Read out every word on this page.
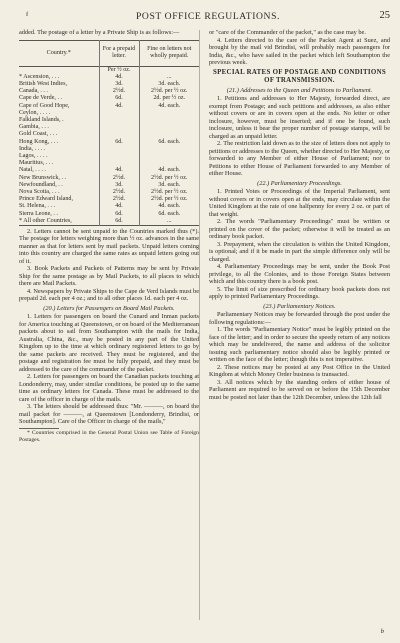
f	POST OFFICE REGULATIONS.	25

added. The postage of a letter by a Private Ship is as follows:—

Country.*	For a prepaid letter.	Fine on letters not wholly prepaid.
	Per ½ oz.	
* Ascension, . . .	4d.	...
British West Indies,	3d.	3d. each.
Canada, . . .	2½d.	2½d. per ½ oz.
Cape de Verde, . .	6d.	2d. per ½ oz.
Cape of Good Hope,	4d.	4d. each.
Ceylon, . . . .		
Falkland Islands, .		
Gambia, . . .		
Gold Coast, . . .		
Hong Kong, . . .	6d.	6d. each.
India, . . . .		
Lagos, . . . .		
Mauritius, . . .		
Natal, . . . .	4d.	4d. each.
New Brunswick, . .	2½d.	2½d. per ½ oz.
Newfoundland, . .	3d.	3d. each.
Nova Scotia, . . .	2½d.	2½d. per ½ oz.
Prince Edward Island,	2½d.	2½d. per ½ oz.
St. Helena, . . .	4d.	4d. each.
Sierra Leone, . .	6d.	6d. each.
* All other Countries,	6d.	...

2. Letters cannot be sent unpaid to the Countries marked thus (*). The postage for letters weighing more than ½ oz. advances in the same manner as that for letters sent by mail packets. Unpaid letters coming into this country are charged the same rates as unpaid letters going out of it.

3. Book Packets and Packets of Patterns may be sent by Private Ship for the same postage as by Mail Packets, to all places to which there are Mail Packets.

4. Newspapers by Private Ships to the Cape de Verd Islands must be prepaid 2d. each per 4 oz.; and to all other places 1d. each per 4 oz.

(20.) Letters for Passengers on Board Mail Packets.

1. Letters for passengers on board the Cunard and Inman packets for America touching at Queenstown, or on board of the Mediterranean packets about to sail from Southampton with the mails for India, Australia, China, &c., may be posted in any part of the United Kingdom up to the time at which ordinary registered letters to go by the same packets are received. They must be registered, and the postage and registration fee must be fully prepaid, and they must be addressed to the care of the commander of the packet.

2. Letters for passengers on board the Canadian packets touching at Londonderry, may, under similar conditions, be posted up to the same time as ordinary letters for Canada. These must be addressed to the care of the officer in charge of the mails.

3. The letters should be addressed thus: "Mr. ———, on board the mail packet for ———, at Queenstown [Londonderry, Brindisi, or Southampton]. Care of the Officer in charge of the mails,"

* Countries comprised in the General Postal Union see Table of Foreign Postages.

or "care of the Commander of the packet," as the case may be.

4. Letters directed to the care of the Packet Agent at Suez, and brought by the mail vid Brindisi, will probably reach passengers for India, &c., who have sailed in the packet which left Southampton the previous week.

SPECIAL RATES OF POSTAGE AND CONDITIONS OF TRANSMISSION.

(21.) Addresses to the Queen and Petitions to Parliament.

1. Petitions and addresses to Her Majesty, forwarded direct, are exempt from Postage; and such petitions and addresses, as also either without covers or are in covers open at the ends. No letter or other inclosure, however, must be inserted; and if one be found, such inclosure, unless it bear the proper number of postage stamps, will be charged as an unpaid letter.

2. The restriction laid down as to the size of letters does not apply to petitions or addresses to the Queen, whether directed to Her Majesty, or forwarded to any Member of either House of Parliament; nor to Petitions to either House of Parliament forwarded to any Member of either House.

(22.) Parliamentary Proceedings.

1. Printed Votes or Proceedings of the Imperial Parliament, sent without covers or in covers open at the ends, may circulate within the United Kingdom at the rate of one halfpenny for every 2 oz. or part of that weight.

2. The words "Parliamentary Proceedings" must be written or printed on the cover of the packet; otherwise it will be treated as an ordinary book packet.

3. Prepayment, when the circulation is within the United Kingdom, is optional; and if it be made in part the simple difference only will be charged.

4. Parliamentary Proceedings may be sent, under the Book Post privilege, to all the Colonies, and to those Foreign States between which and this country there is a book post.

5. The limit of size prescribed for ordinary book packets does not apply to printed Parliamentary Proceedings.

(23.) Parliamentary Notices.

Parliamentary Notices may be forwarded through the post under the following regulations:—

1. The words "Parliamentary Notice" must be legibly printed on the face of the letter; and in order to secure the speedy return of any notices which may be undelivered, the name and address of the solicitor issuing such parliamentary notice should also be legibly printed or written on the face of the letter; though this is not imperative.

2. These notices may be posted at any Post Office in the United Kingdom at which Money Order business is transacted.

3. All notices which by the standing orders of either house of Parliament are required to be served on or before the 15th December must be posted not later than the 12th December, unless the 12th fall

b
